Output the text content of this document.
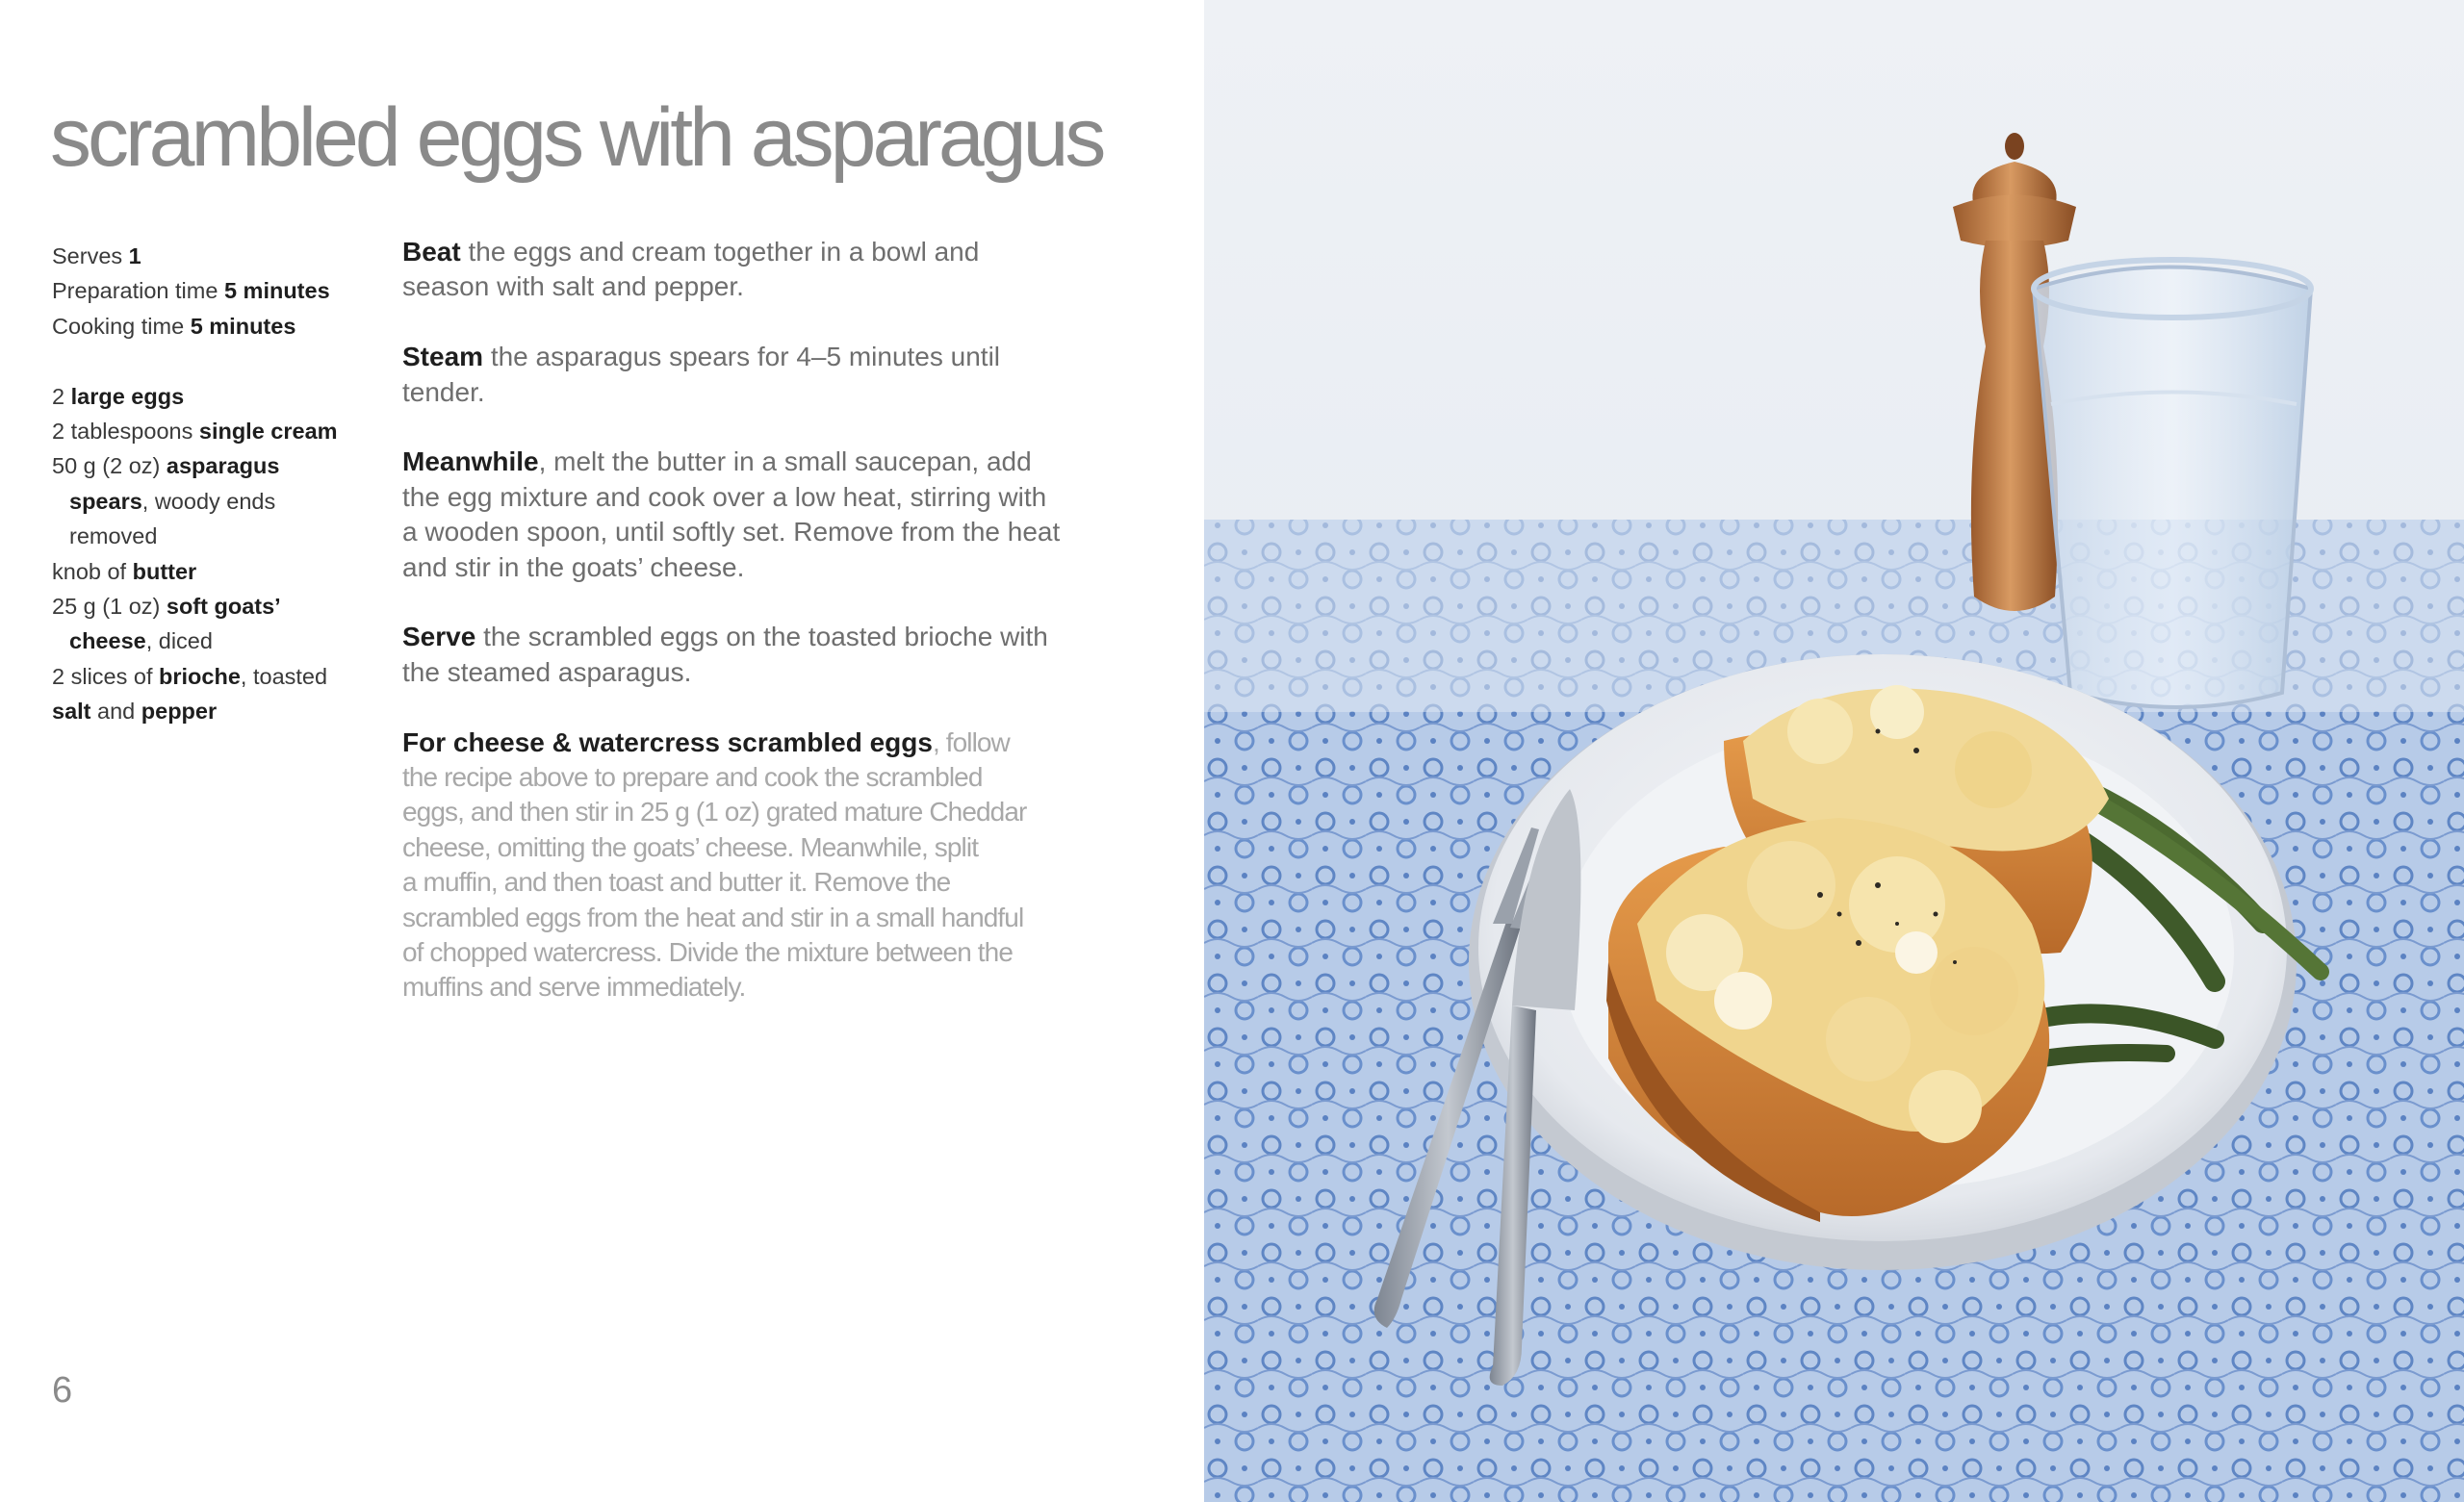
scrambled eggs with asparagus
Serves 1
Preparation time 5 minutes
Cooking time 5 minutes
2 large eggs
2 tablespoons single cream
50 g (2 oz) asparagus
spears, woody ends
removed
knob of butter
25 g (1 oz) soft goats’
cheese, diced
2 slices of brioche, toasted
salt and pepper

Beat the eggs and cream together in a bowl and
season with salt and pepper.

Steam the asparagus spears for 4–5 minutes until
tender.

Meanwhile, melt the butter in a small saucepan, add
the egg mixture and cook over a low heat, stirring with
a wooden spoon, until softly set. Remove from the heat
and stir in the goats’ cheese.

Serve the scrambled eggs on the toasted brioche with
the steamed asparagus.

For cheese & watercress scrambled eggs, follow
the recipe above to prepare and cook the scrambled
eggs, and then stir in 25 g (1 oz) grated mature Cheddar
cheese, omitting the goats’ cheese. Meanwhile, split
a muffin, and then toast and butter it. Remove the
scrambled eggs from the heat and stir in a small handful
of chopped watercress. Divide the mixture between the
muffins and serve immediately.

6
